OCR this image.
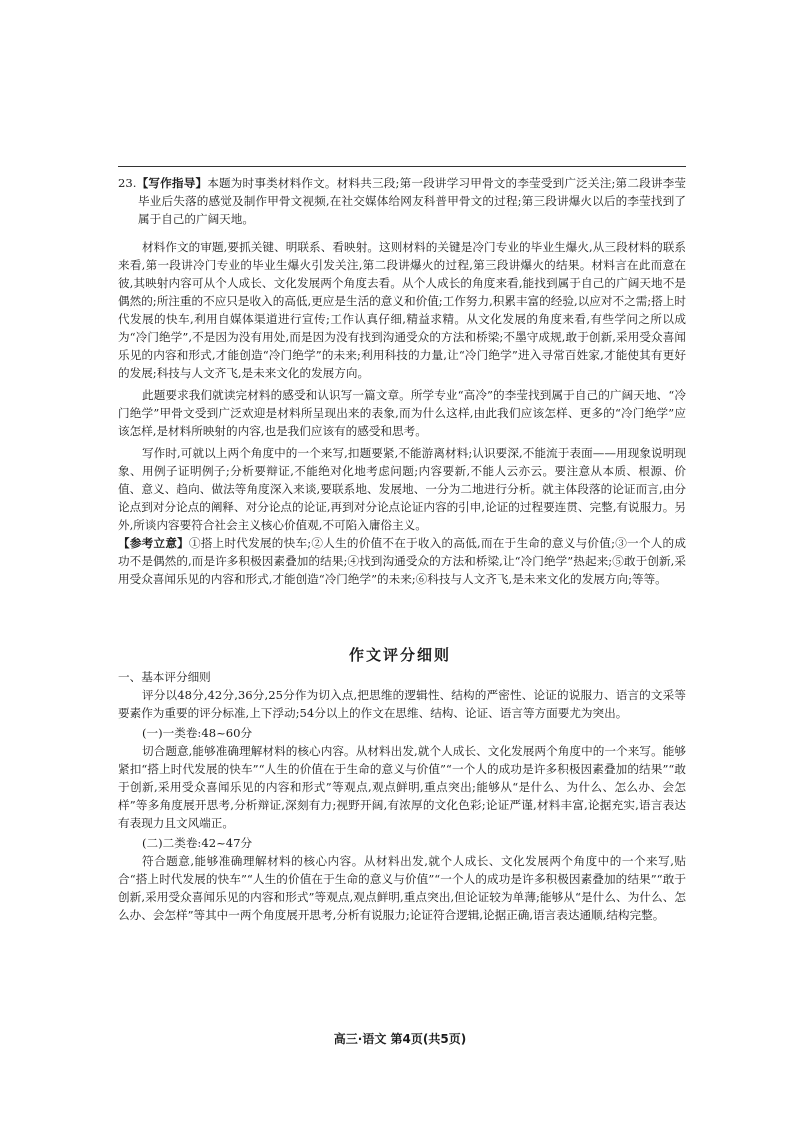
23.【写作指导】本题为时事类材料作文。材料共三段;第一段讲学习甲骨文的李莹受到广泛关注;第二段讲李莹毕业后失落的感觉及制作甲骨文视频,在社交媒体给网友科普甲骨文的过程;第三段讲爆火以后的李莹找到了属于自己的广阔天地。

材料作文的审题,要抓关键、明联系、看映射。这则材料的关键是冷门专业的毕业生爆火,从三段材料的联系来看,第一段讲冷门专业的毕业生爆火引发关注,第二段讲爆火的过程,第三段讲爆火的结果。材料言在此而意在彼,其映射内容可从个人成长、文化发展两个角度去看。从个人成长的角度来看,能找到属于自己的广阔天地不是偶然的;所注重的不应只是收入的高低,更应是生活的意义和价值;工作努力,积累丰富的经验,以应对不之需;搭上时代发展的快车,利用自媒体渠道进行宣传;工作认真仔细,精益求精。从文化发展的角度来看,有些学问之所以成为“冷门绝学”,不是因为没有用处,而是因为没有找到沟通受众的方法和桥梁;不墨守成规,敢于创新,采用受众喜闻乐见的内容和形式,才能创造“冷门绝学”的未来;利用科技的力量,让“冷门绝学”进入寻常百姓家,才能使其有更好的发展;科技与人文齐飞,是未来文化的发展方向。

此题要求我们就读完材料的感受和认识写一篇文章。所学专业“高冷”的李莹找到属于自己的广阔天地、“冷门绝学”甲骨文受到广泛欢迎是材料所呈现出来的表象,而为什么这样,由此我们应该怎样、更多的“冷门绝学”应该怎样,是材料所映射的内容,也是我们应该有的感受和思考。

写作时,可就以上两个角度中的一个来写,扣题要紧,不能游离材料;认识要深,不能流于表面——用现象说明现象、用例子证明例子;分析要辩证,不能绝对化地考虑问题;内容要新,不能人云亦云。要注意从本质、根源、价值、意义、趋向、做法等角度深入来谈,要联系地、发展地、一分为二地进行分析。就主体段落的论证而言,由分论点到对分论点的阐释、对分论点的论证,再到对分论点论证内容的引申,论证的过程要连贯、完整,有说服力。另外,所谈内容要符合社会主义核心价值观,不可陷入庸俗主义。

【参考立意】①搭上时代发展的快车;②人生的价值不在于收入的高低,而在于生命的意义与价值;③一个人的成功不是偶然的,而是许多积极因素叠加的结果;④找到沟通受众的方法和桥梁,让“冷门绝学”热起来;⑤敢于创新,采用受众喜闻乐见的内容和形式,才能创造“冷门绝学”的未来;⑥科技与人文齐飞,是未来文化的发展方向;等等。

作文评分细则

一、基本评分细则

评分以48分,42分,36分,25分作为切入点,把思维的逻辑性、结构的严密性、论证的说服力、语言的文采等要素作为重要的评分标准,上下浮动;54分以上的作文在思维、结构、论证、语言等方面要尤为突出。

(一)一类卷:48~60分

切合题意,能够准确理解材料的核心内容。从材料出发,就个人成长、文化发展两个角度中的一个来写。能够紧扣“搭上时代发展的快车”“人生的价值在于生命的意义与价值”“一个人的成功是许多积极因素叠加的结果”“敢于创新,采用受众喜闻乐见的内容和形式”等观点,观点鲜明,重点突出;能够从“是什么、为什么、怎么办、会怎样”等多角度展开思考,分析辩证,深刻有力;视野开阔,有浓厚的文化色彩;论证严谨,材料丰富,论据充实,语言表达有表现力且文风端正。

(二)二类卷:42~47分

符合题意,能够准确理解材料的核心内容。从材料出发,就个人成长、文化发展两个角度中的一个来写,贴合“搭上时代发展的快车”“人生的价值在于生命的意义与价值”“一个人的成功是许多积极因素叠加的结果”“敢于创新,采用受众喜闻乐见的内容和形式”等观点,观点鲜明,重点突出,但论证较为单薄;能够从“是什么、为什么、怎么办、会怎样”等其中一两个角度展开思考,分析有说服力;论证符合逻辑,论据正确,语言表达通顺,结构完整。

高三·语文 第4页(共5页)
